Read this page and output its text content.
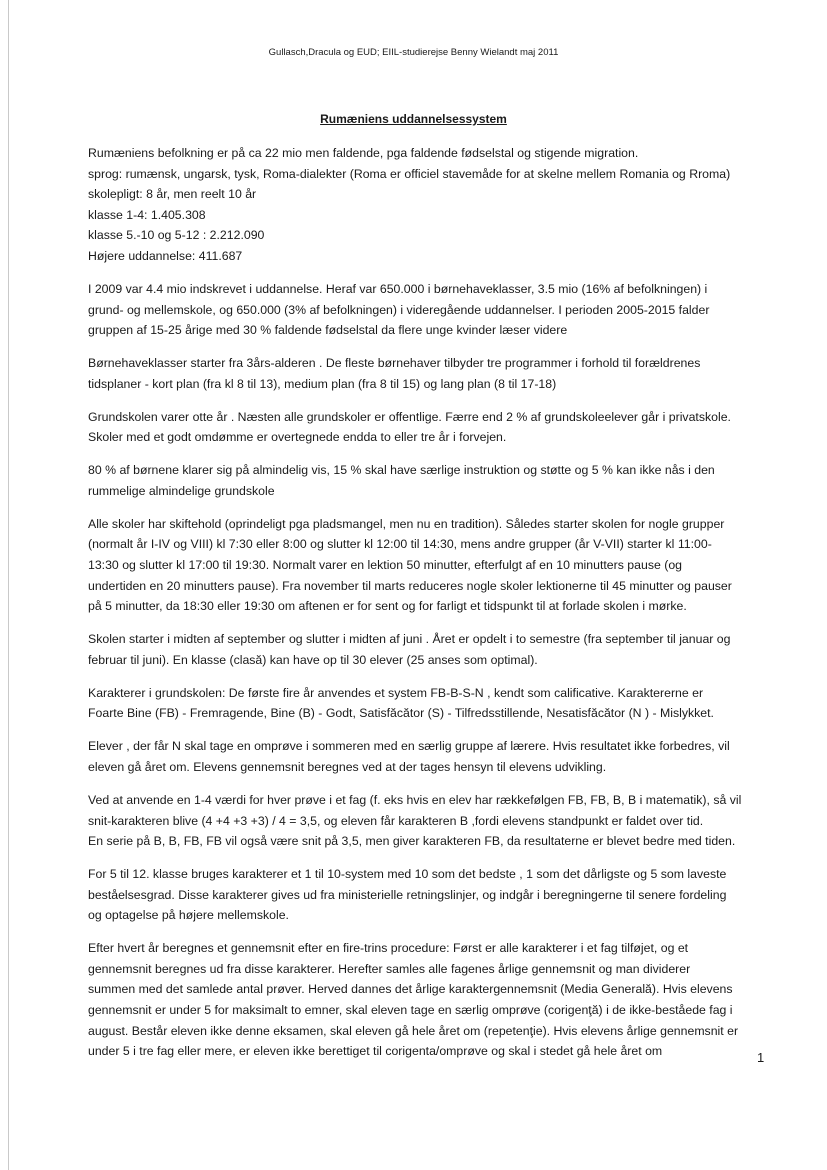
Gullasch,Dracula og EUD; EIIL-studierejse Benny Wielandt maj 2011
Rumæniens uddannelsessystem

Rumæniens befolkning er på ca 22 mio men faldende, pga faldende fødselstal og stigende migration.
sprog: rumænsk, ungarsk, tysk, Roma-dialekter (Roma er officiel stavemåde for at skelne mellem Romania og Rroma)
skolepligt: 8 år, men reelt 10 år
klasse 1-4: 1.405.308
klasse 5.-10 og 5-12 : 2.212.090
Højere uddannelse: 411.687

I 2009 var 4.4 mio indskrevet i uddannelse. Heraf var 650.000 i børnehaveklasser, 3.5 mio (16% af befolkningen) i
grund- og mellemskole, og 650.000 (3% af befolkningen) i videregående uddannelser. I perioden 2005-2015 falder
gruppen af 15-25 årige med 30 % faldende fødselstal da flere unge kvinder læser videre

Børnehaveklasser starter fra 3års-alderen . De fleste børnehaver tilbyder tre programmer i forhold til forældrenes
tidsplaner - kort plan (fra kl 8 til 13), medium plan (fra 8 til 15) og lang plan (8 til 17-18)

Grundskolen varer otte år . Næsten alle grundskoler er offentlige. Færre end 2 % af grundskoleelever går i privatskole.
Skoler med et godt omdømme er overtegnede endda to eller tre år i forvejen.

80 % af børnene klarer sig på almindelig vis, 15 % skal have særlige instruktion og støtte og 5 % kan ikke nås i den
rummelige almindelige grundskole

Alle skoler har skiftehold (oprindeligt pga pladsmangel, men nu en tradition). Således starter skolen for nogle grupper
(normalt år I-IV og VIII) kl 7:30 eller 8:00 og slutter kl 12:00 til 14:30, mens andre grupper (år V-VII) starter kl 11:00-
13:30 og slutter kl 17:00 til 19:30. Normalt varer en lektion 50 minutter, efterfulgt af en 10 minutters pause (og
undertiden en 20 minutters pause). Fra november til marts reduceres nogle skoler lektionerne til 45 minutter og pauser
på 5 minutter, da 18:30 eller 19:30 om aftenen er for sent og for farligt et tidspunkt til at forlade skolen i mørke.

Skolen starter i midten af september og slutter i midten af juni . Året er opdelt i to semestre (fra september til januar og
februar til juni). En klasse (clasă) kan have op til 30 elever (25 anses som optimal).

Karakterer i grundskolen: De første fire år anvendes et system FB-B-S-N , kendt som calificative. Karaktererne er
Foarte Bine (FB) - Fremragende, Bine (B) - Godt, Satisfăcător (S) - Tilfredsstillende, Nesatisfăcător (N ) - Mislykket.

Elever , der får N skal tage en omprøve i sommeren med en særlig gruppe af lærere. Hvis resultatet ikke forbedres, vil
eleven gå året om. Elevens gennemsnit beregnes ved at der tages hensyn til elevens udvikling.

Ved at anvende en 1-4 værdi for hver prøve i et fag (f. eks hvis en elev har rækkefølgen FB, FB, B, B i matematik), så vil
snit-karakteren blive (4 +4 +3 +3) / 4 = 3,5, og eleven får karakteren B ,fordi elevens standpunkt er faldet over tid.
En serie på B, B, FB, FB vil også være snit på 3,5, men giver karakteren FB, da resultaterne er blevet bedre med tiden.

For 5 til 12. klasse bruges karakterer et 1 til 10-system med 10 som det bedste , 1 som det dårligste og 5 som laveste
beståelsesgrad. Disse karakterer gives ud fra ministerielle retningslinjer, og indgår i beregningerne til senere fordeling
og optagelse på højere mellemskole.

Efter hvert år beregnes et gennemsnit efter en fire-trins procedure: Først er alle karakterer i et fag tilføjet, og et
gennemsnit beregnes ud fra disse karakterer. Herefter samles alle fagenes årlige gennemsnit og man dividerer
summen med det samlede antal prøver. Herved dannes det årlige karaktergennemsnit (Media Generală). Hvis elevens
gennemsnit er under 5 for maksimalt to emner, skal eleven tage en særlig omprøve (corigenţă) i de ikke-beståede fag i
august. Består eleven ikke denne eksamen, skal eleven gå hele året om (repetenţie). Hvis elevens årlige gennemsnit er
under 5 i tre fag eller mere, er eleven ikke berettiget til corigenta/omprøve og skal i stedet gå hele året om	1
